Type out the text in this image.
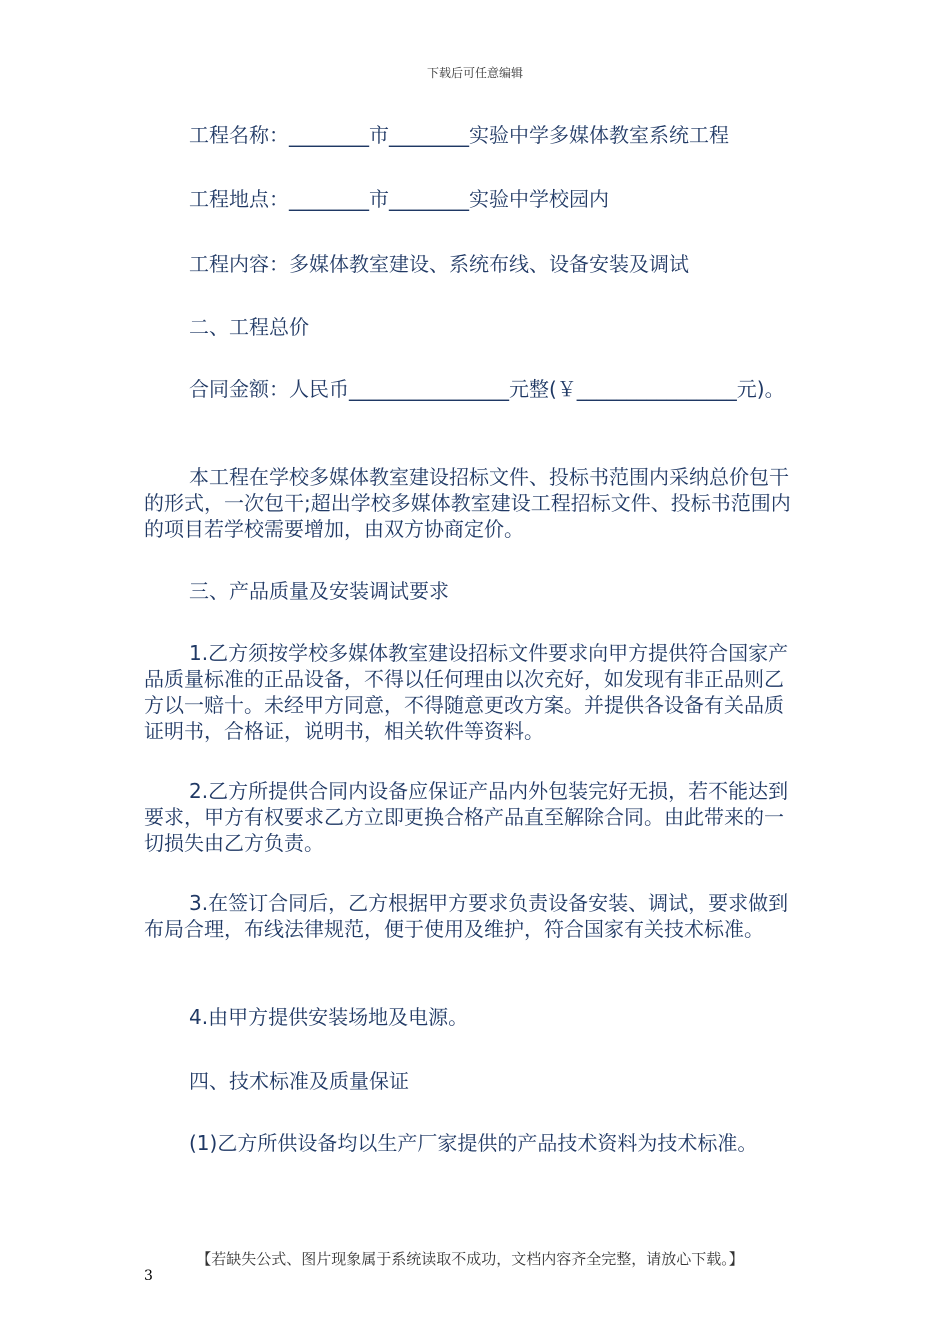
下载后可任意编辑

工程名称：________市________实验中学多媒体教室系统工程

工程地点：________市________实验中学校园内

工程内容：多媒体教室建设、系统布线、设备安装及调试

二、工程总价

合同金额：人民币________________元整(￥________________元)。

本工程在学校多媒体教室建设招标文件、投标书范围内采纳总价包干的形式，一次包干;超出学校多媒体教室建设工程招标文件、投标书范围内的项目若学校需要增加，由双方协商定价。

三、产品质量及安装调试要求

1.乙方须按学校多媒体教室建设招标文件要求向甲方提供符合国家产品质量标准的正品设备，不得以任何理由以次充好，如发现有非正品则乙方以一赔十。未经甲方同意，不得随意更改方案。并提供各设备有关品质证明书，合格证，说明书，相关软件等资料。

2.乙方所提供合同内设备应保证产品内外包装完好无损，若不能达到要求，甲方有权要求乙方立即更换合格产品直至解除合同。由此带来的一切损失由乙方负责。

3.在签订合同后，乙方根据甲方要求负责设备安装、调试，要求做到布局合理，布线法律规范，便于使用及维护，符合国家有关技术标准。

4.由甲方提供安装场地及电源。

四、技术标准及质量保证

(1)乙方所供设备均以生产厂家提供的产品技术资料为技术标准。

【若缺失公式、图片现象属于系统读取不成功，文档内容齐全完整，请放心下载。】
3
